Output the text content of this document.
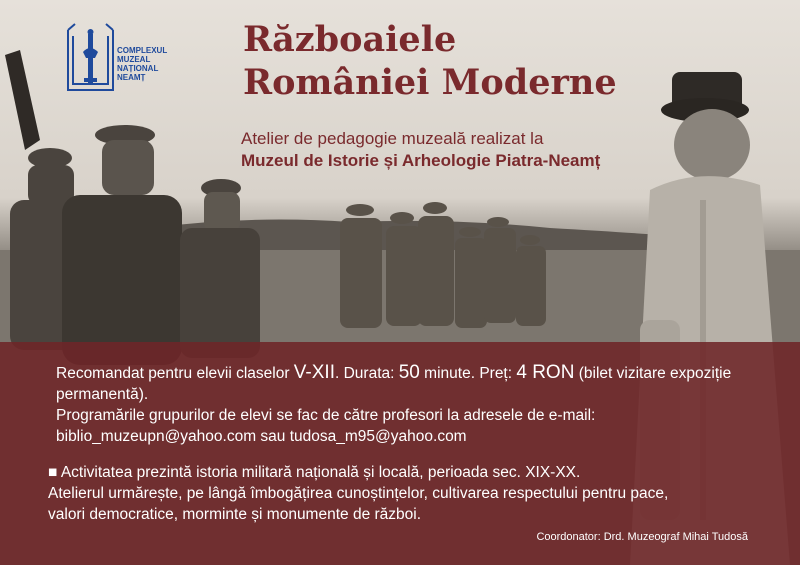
COMPLEXUL
MUZEAL
NAȚIONAL
NEAMȚ
Războaiele
României Moderne
Atelier de pedagogie muzeală realizat la
Muzeul de Istorie și Arheologie Piatra-Neamț
Recomandat pentru elevii claselor V-XII. Durata: 50 minute. Preț: 4 RON (bilet vizitare expoziție permanentă).
Programările grupurilor de elevi se fac de către profesori la adresele de e-mail:
biblio_muzeupn@yahoo.com sau tudosa_m95@yahoo.com
■ Activitatea prezintă istoria militară națională și locală, perioada sec. XIX-XX.
Atelierul urmărește, pe lângă îmbogățirea cunoștințelor, cultivarea respectului pentru pace,
valori democratice, morminte și monumente de război.
Coordonator: Drd. Muzeograf Mihai Tudosă
